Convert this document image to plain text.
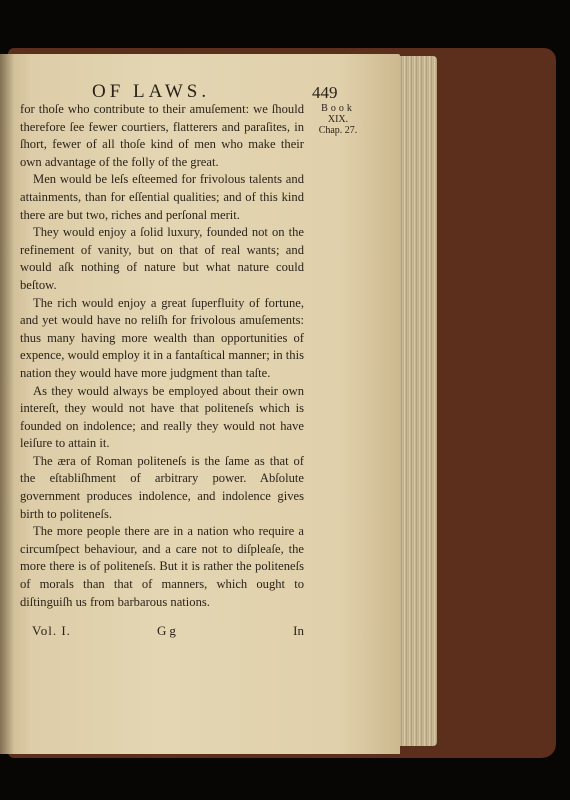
OF LAWS.	449
Book
XIX.
Chap. 27.

for thoſe who contribute to their amuſement: we ſhould therefore ſee fewer courtiers, flatterers and paraſites, in ſhort, fewer of all thoſe kind of men who make their own advantage of the folly of the great.

Men would be leſs eſteemed for frivolous talents and attainments, than for eſſential qualities; and of this kind there are but two, riches and perſonal merit.

They would enjoy a ſolid luxury, founded not on the refinement of vanity, but on that of real wants; and would aſk nothing of nature but what nature could beſtow.

The rich would enjoy a great ſuperfluity of fortune, and yet would have no reliſh for frivolous amuſements: thus many having more wealth than opportunities of expence, would employ it in a fantaſtical manner; in this nation they would have more judgment than taſte.

As they would always be employed about their own intereſt, they would not have that politeneſs which is founded on indolence; and really they would not have leiſure to attain it.

The æra of Roman politeneſs is the ſame as that of the eſtabliſhment of arbitrary power. Abſolute government produces indolence, and indolence gives birth to politeneſs.

The more people there are in a nation who require a circumſpect behaviour, and a care not to diſpleaſe, the more there is of politeneſs. But it is rather the politeneſs of morals than that of manners, which ought to diſtinguiſh us from barbarous nations.

Vol. I.	Gg	In
